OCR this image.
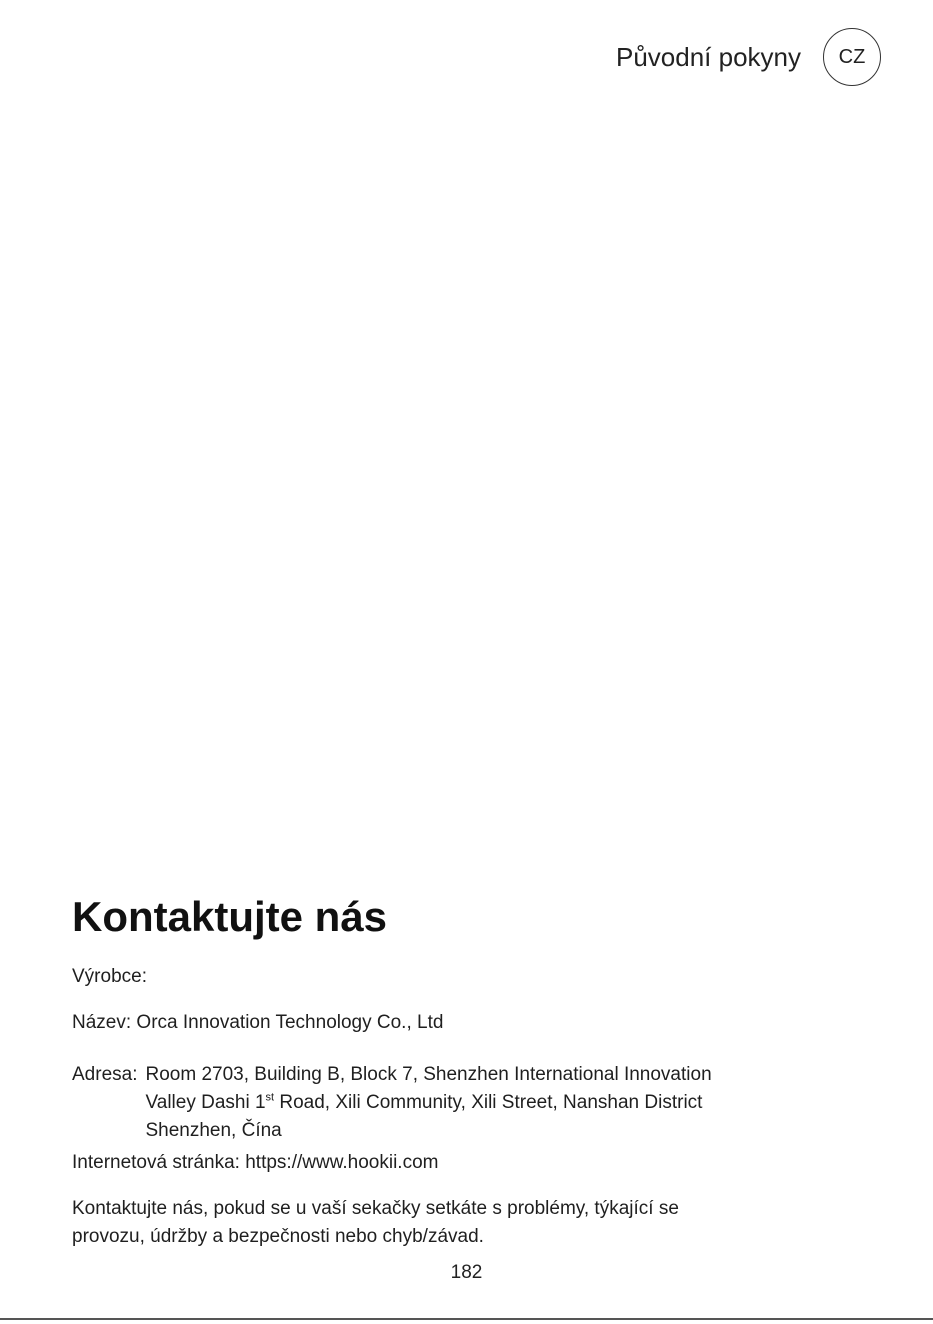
Původní pokyny CZ
Kontaktujte nás
Výrobce:
Název: Orca Innovation Technology Co., Ltd
Adresa: Room 2703, Building B, Block 7, Shenzhen International Innovation
Valley Dashi 1st Road, Xili Community, Xili Street, Nanshan District
Shenzhen, Čína
Internetová stránka: https://www.hookii.com
Kontaktujte nás, pokud se u vaší sekačky setkáte s problémy, týkající se
provozu, údržby a bezpečnosti nebo chyb/závad.
182
